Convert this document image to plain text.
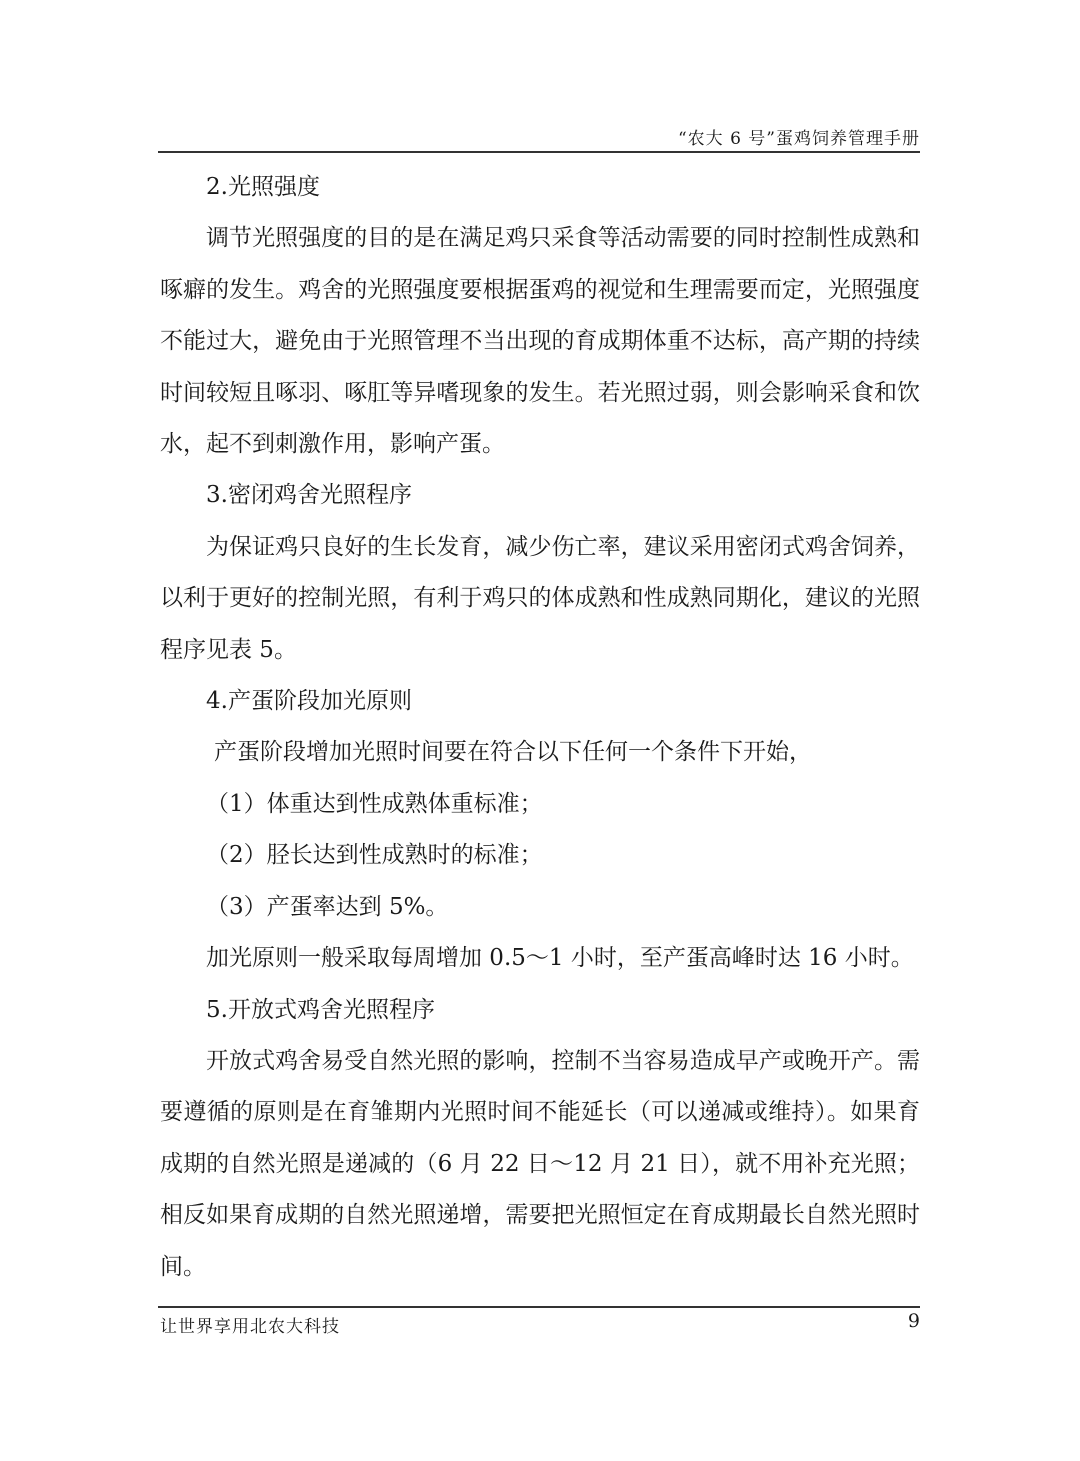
“农大 6 号”蛋鸡饲养管理手册

2.光照强度

调节光照强度的目的是在满足鸡只采食等活动需要的同时控制性成熟和啄癖的发生。鸡舍的光照强度要根据蛋鸡的视觉和生理需要而定，光照强度不能过大，避免由于光照管理不当出现的育成期体重不达标，高产期的持续时间较短且啄羽、啄肛等异嗜现象的发生。若光照过弱，则会影响采食和饮水，起不到刺激作用，影响产蛋。

3.密闭鸡舍光照程序

为保证鸡只良好的生长发育，减少伤亡率，建议采用密闭式鸡舍饲养，以利于更好的控制光照，有利于鸡只的体成熟和性成熟同期化，建议的光照程序见表 5。

4.产蛋阶段加光原则

产蛋阶段增加光照时间要在符合以下任何一个条件下开始，

（1）体重达到性成熟体重标准；

（2）胫长达到性成熟时的标准；

（3）产蛋率达到 5%。

加光原则一般采取每周增加 0.5～1 小时，至产蛋高峰时达 16 小时。

5.开放式鸡舍光照程序

开放式鸡舍易受自然光照的影响，控制不当容易造成早产或晚开产。需要遵循的原则是在育雏期内光照时间不能延长（可以递减或维持）。如果育成期的自然光照是递减的（6 月 22 日～12 月 21 日），就不用补充光照；相反如果育成期的自然光照递增，需要把光照恒定在育成期最长自然光照时间。

让世界享用北农大科技	9
